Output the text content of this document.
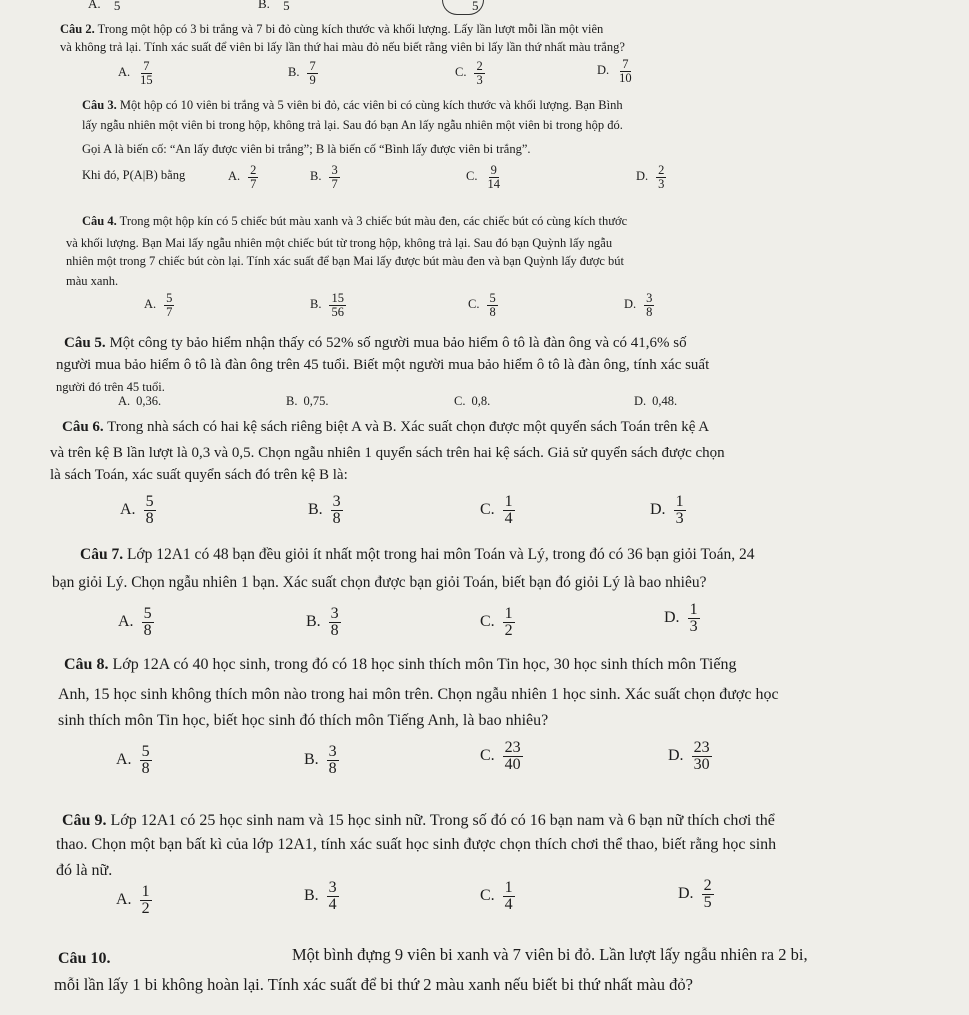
A. 5	B. 5	5
Câu 2. Trong một hộp có 3 bi trắng và 7 bi đỏ cùng kích thước và khối lượng. Lấy lần lượt mỗi lần một viên
và không trả lại. Tính xác suất để viên bi lấy lần thứ hai màu đỏ nếu biết rằng viên bi lấy lần thứ nhất màu trắng?
A. $\frac{7}{15}$	B. $\frac{7}{9}$	C. $\frac{2}{3}$	D. $\frac{7}{10}$
Câu 3. Một hộp có 10 viên bi trắng và 5 viên bi đỏ, các viên bi có cùng kích thước và khối lượng. Bạn Bình
lấy ngẫu nhiên một viên bi trong hộp, không trả lại. Sau đó bạn An lấy ngẫu nhiên một viên bi trong hộp đó.
Gọi A là biến cố: “An lấy được viên bi trắng”; B là biến cố “Bình lấy được viên bi trắng”.
Khi đó, P(A|B) bằng	A. $\frac{2}{7}$	B. $\frac{3}{7}$	C. $\frac{9}{14}$	D. $\frac{2}{3}$
Câu 4. Trong một hộp kín có 5 chiếc bút màu xanh và 3 chiếc bút màu đen, các chiếc bút có cùng kích thước
và khối lượng. Bạn Mai lấy ngẫu nhiên một chiếc bút từ trong hộp, không trả lại. Sau đó bạn Quỳnh lấy ngẫu
nhiên một trong 7 chiếc bút còn lại. Tính xác suất để bạn Mai lấy được bút màu đen và bạn Quỳnh lấy được bút
màu xanh.
A. $\frac{5}{7}$	B. $\frac{15}{56}$	C. $\frac{5}{8}$	D. $\frac{3}{8}$
Câu 5. Một công ty bảo hiểm nhận thấy có 52% số người mua bảo hiểm ô tô là đàn ông và có 41,6% số
người mua bảo hiểm ô tô là đàn ông trên 45 tuổi. Biết một người mua bảo hiểm ô tô là đàn ông, tính xác suất
người đó trên 45 tuổi.
A. 0,36.	B. 0,75.	C. 0,8.	D. 0,48.
Câu 6. Trong nhà sách có hai kệ sách riêng biệt A và B. Xác suất chọn được một quyển sách Toán trên kệ A
và trên kệ B lần lượt là 0,3 và 0,5. Chọn ngẫu nhiên 1 quyển sách trên hai kệ sách. Giả sử quyển sách được chọn
là sách Toán, xác suất quyển sách đó trên kệ B là:
A. $\frac{5}{8}$	B. $\frac{3}{8}$	C. $\frac{1}{4}$	D. $\frac{1}{3}$
Câu 7. Lớp 12A1 có 48 bạn đều giỏi ít nhất một trong hai môn Toán và Lý, trong đó có 36 bạn giỏi Toán, 24
bạn giỏi Lý. Chọn ngẫu nhiên 1 bạn. Xác suất chọn được bạn giỏi Toán, biết bạn đó giỏi Lý là bao nhiêu?
A. $\frac{5}{8}$	B. $\frac{3}{8}$	C. $\frac{1}{2}$	D. $\frac{1}{3}$
Câu 8. Lớp 12A có 40 học sinh, trong đó có 18 học sinh thích môn Tin học, 30 học sinh thích môn Tiếng
Anh, 15 học sinh không thích môn nào trong hai môn trên. Chọn ngẫu nhiên 1 học sinh. Xác suất chọn được học
sinh thích môn Tin học, biết học sinh đó thích môn Tiếng Anh, là bao nhiêu?
A. $\frac{5}{8}$	B. $\frac{3}{8}$	C. $\frac{23}{40}$	D. $\frac{23}{30}$
Câu 9. Lớp 12A1 có 25 học sinh nam và 15 học sinh nữ. Trong số đó có 16 bạn nam và 6 bạn nữ thích chơi thể
thao. Chọn một bạn bất kì của lớp 12A1, tính xác suất học sinh được chọn thích chơi thể thao, biết rằng học sinh
đó là nữ.
A. $\frac{1}{2}$	B. $\frac{3}{4}$	C. $\frac{1}{4}$	D. $\frac{2}{5}$
Câu 10.	Một bình đựng 9 viên bi xanh và 7 viên bi đỏ. Lần lượt lấy ngẫu nhiên ra 2 bi,
mỗi lần lấy 1 bi không hoàn lại. Tính xác suất để bi thứ 2 màu xanh nếu biết bi thứ nhất màu đỏ?
